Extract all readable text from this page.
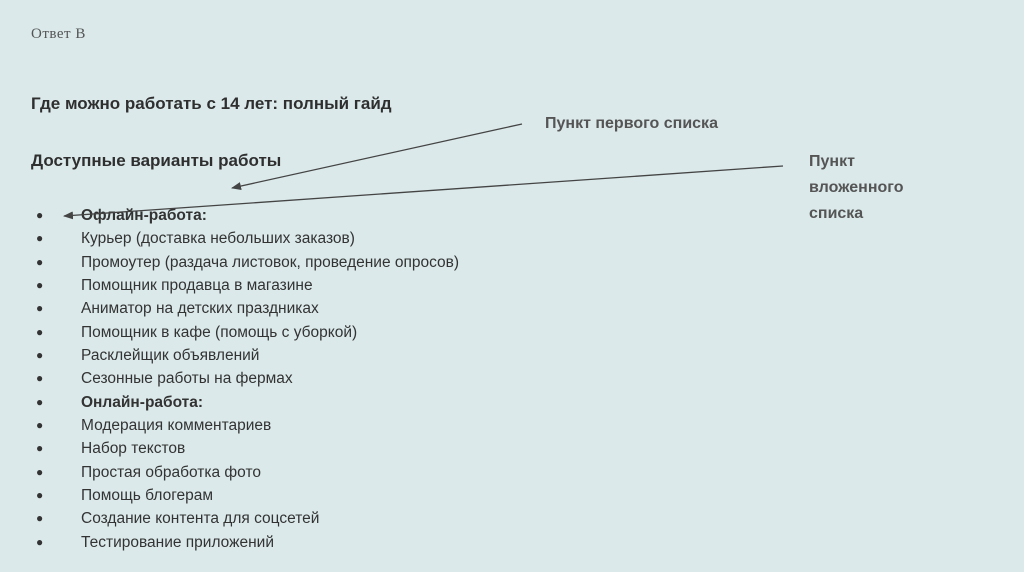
Ответ В
Где можно работать с 14 лет: полный гайд
Доступные варианты работы
Пункт первого списка
Пункт вложенного списка
●	Офлайн-работа:
●	Курьер (доставка небольших заказов)
●	Промоутер (раздача листовок, проведение опросов)
●	Помощник продавца в магазине
●	Аниматор на детских праздниках
●	Помощник в кафе (помощь с уборкой)
●	Расклейщик объявлений
●	Сезонные работы на фермах
●	Онлайн-работа:
●	Модерация комментариев
●	Набор текстов
●	Простая обработка фото
●	Помощь блогерам
●	Создание контента для соцсетей
●	Тестирование приложений
